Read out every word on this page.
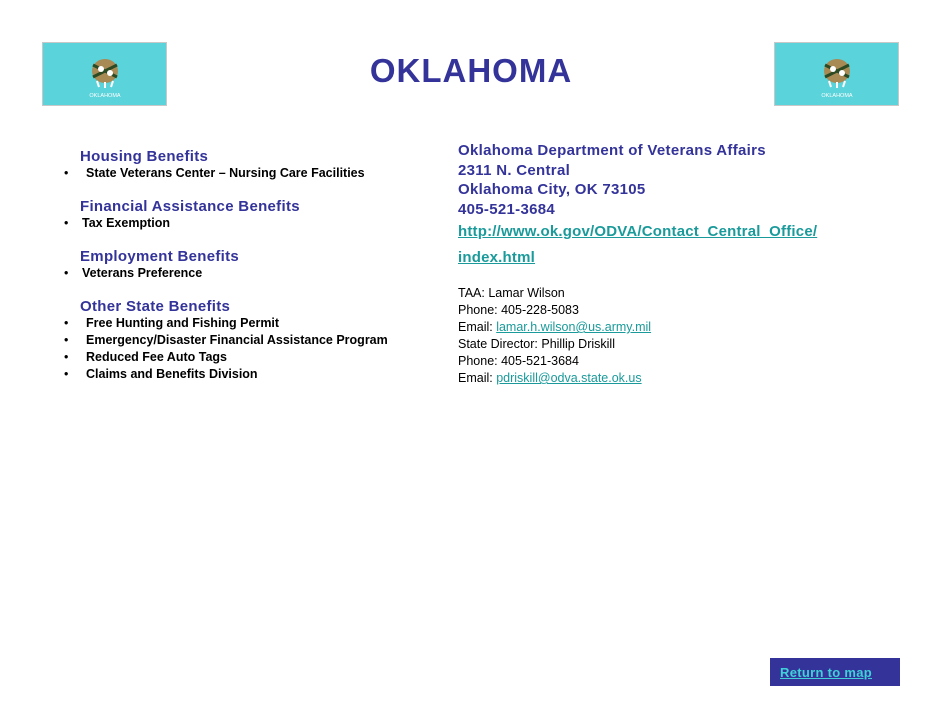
OKLAHOMA	OKLAHOMA
OKLAHOMA
Housing Benefits
• State Veterans Center – Nursing Care Facilities
Financial Assistance Benefits
• Tax Exemption
Employment Benefits
• Veterans Preference
Other State Benefits
• Free Hunting and Fishing Permit
• Emergency/Disaster Financial Assistance Program
• Reduced Fee Auto Tags
• Claims and Benefits Division
Oklahoma Department of Veterans Affairs
2311 N. Central
Oklahoma City, OK 73105
405-521-3684
http://www.ok.gov/ODVA/Contact_Central_Office/
index.html
TAA: Lamar Wilson
Phone: 405-228-5083
Email: lamar.h.wilson@us.army.mil
State Director: Phillip Driskill
Phone: 405-521-3684
Email: pdriskill@odva.state.ok.us
Return to map
